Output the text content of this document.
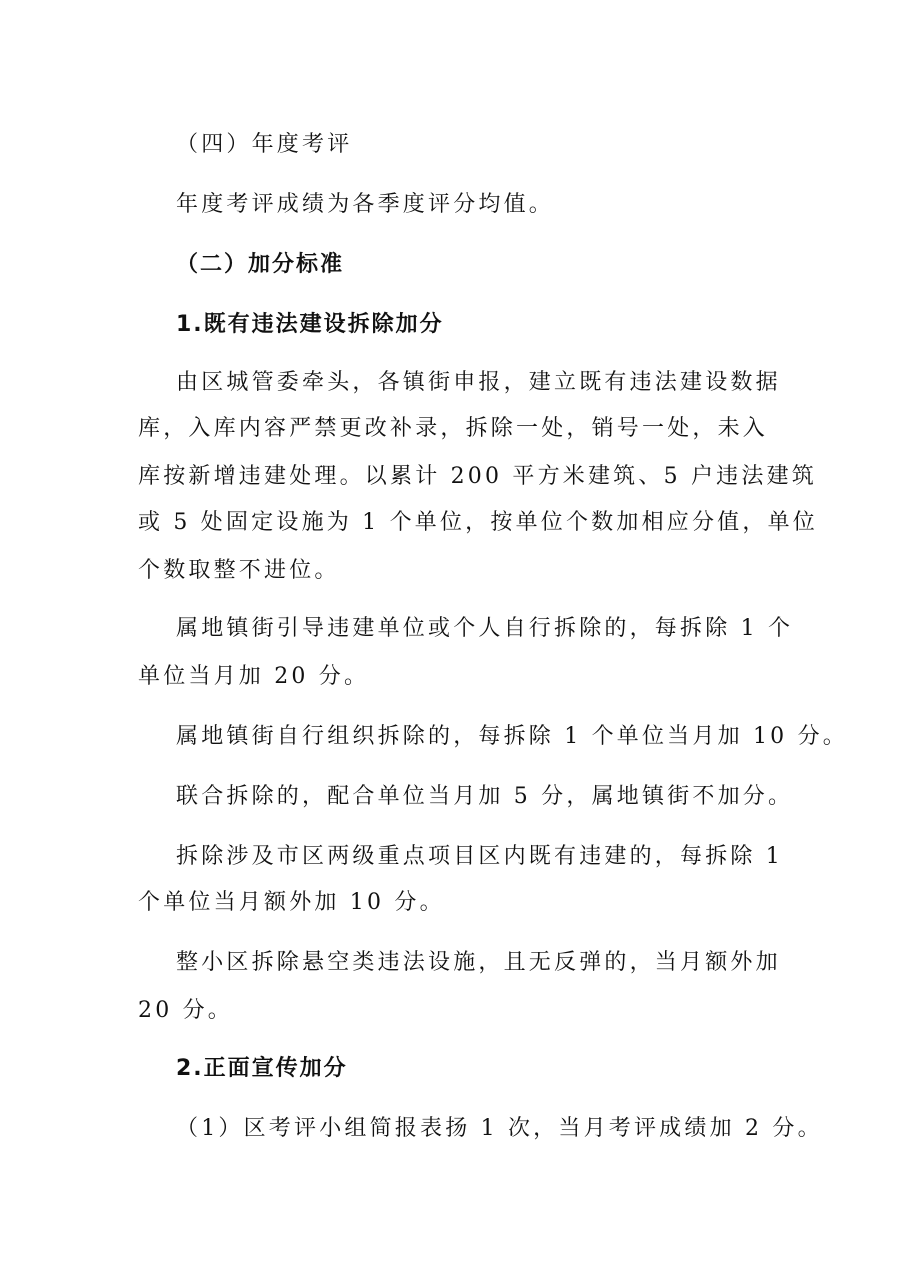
（四）年度考评
年度考评成绩为各季度评分均值。
（二）加分标准
1.既有违法建设拆除加分
由区城管委牵头，各镇街申报，建立既有违法建设数据
库，入库内容严禁更改补录，拆除一处，销号一处，未入
库按新增违建处理。以累计 200 平方米建筑、5 户违法建筑
或 5 处固定设施为 1 个单位，按单位个数加相应分值，单位
个数取整不进位。
属地镇街引导违建单位或个人自行拆除的，每拆除 1 个
单位当月加 20 分。
属地镇街自行组织拆除的，每拆除 1 个单位当月加 10 分。
联合拆除的，配合单位当月加 5 分，属地镇街不加分。
拆除涉及市区两级重点项目区内既有违建的，每拆除 1
个单位当月额外加 10 分。
整小区拆除悬空类违法设施，且无反弹的，当月额外加
20 分。
2.正面宣传加分
（1）区考评小组简报表扬 1 次，当月考评成绩加 2 分。
